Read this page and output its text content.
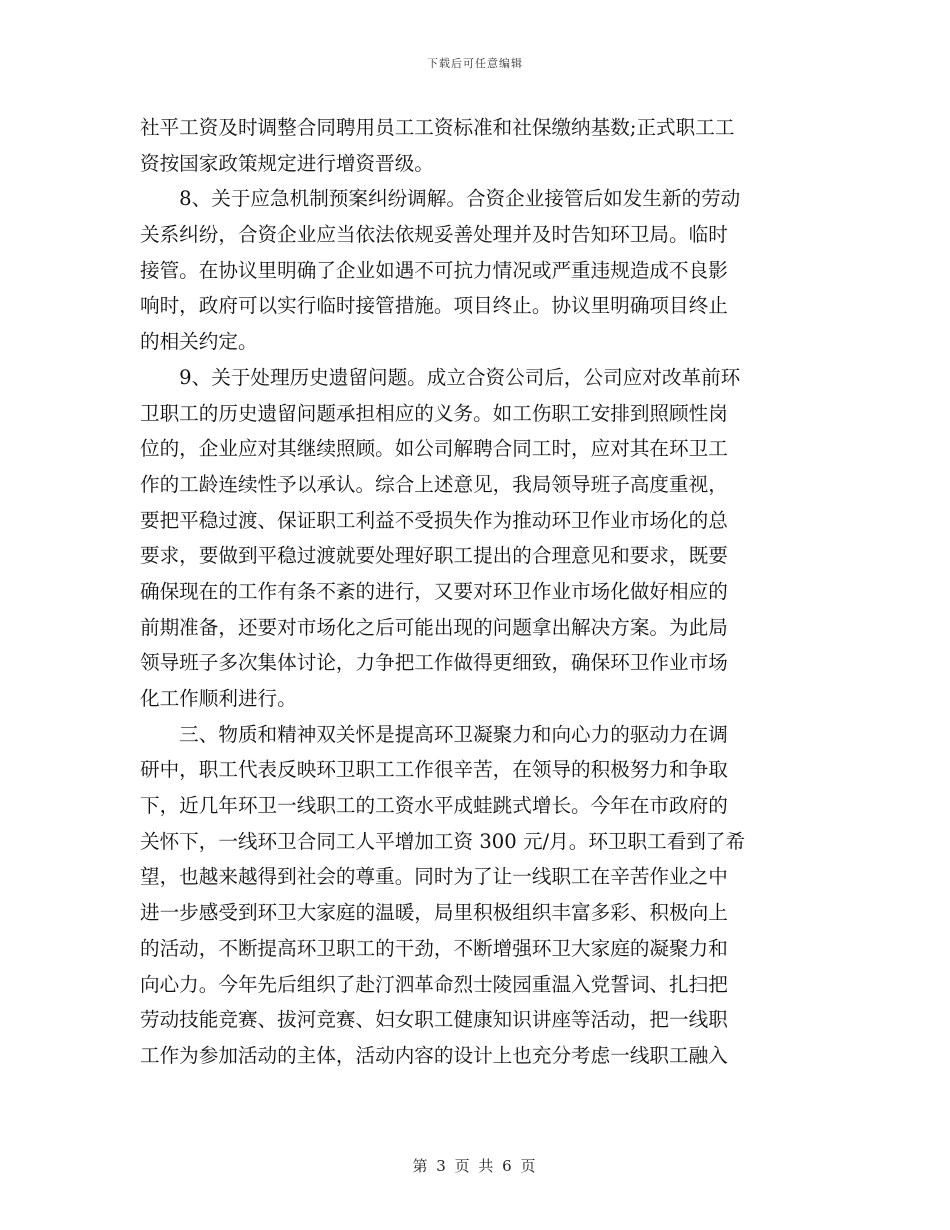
下载后可任意编辑
社平工资及时调整合同聘用员工工资标准和社保缴纳基数;正式职工工
资按国家政策规定进行增资晋级。
　　8、关于应急机制预案纠纷调解。合资企业接管后如发生新的劳动
关系纠纷，合资企业应当依法依规妥善处理并及时告知环卫局。临时
接管。在协议里明确了企业如遇不可抗力情况或严重违规造成不良影
响时，政府可以实行临时接管措施。项目终止。协议里明确项目终止
的相关约定。
　　9、关于处理历史遗留问题。成立合资公司后，公司应对改革前环
卫职工的历史遗留问题承担相应的义务。如工伤职工安排到照顾性岗
位的，企业应对其继续照顾。如公司解聘合同工时，应对其在环卫工
作的工龄连续性予以承认。综合上述意见，我局领导班子高度重视，
要把平稳过渡、保证职工利益不受损失作为推动环卫作业市场化的总
要求，要做到平稳过渡就要处理好职工提出的合理意见和要求，既要
确保现在的工作有条不紊的进行，又要对环卫作业市场化做好相应的
前期准备，还要对市场化之后可能出现的问题拿出解决方案。为此局
领导班子多次集体讨论，力争把工作做得更细致，确保环卫作业市场
化工作顺利进行。
　　三、物质和精神双关怀是提高环卫凝聚力和向心力的驱动力在调
研中，职工代表反映环卫职工工作很辛苦，在领导的积极努力和争取
下，近几年环卫一线职工的工资水平成蛙跳式增长。今年在市政府的
关怀下，一线环卫合同工人平增加工资 300 元/月。环卫职工看到了希
望，也越来越得到社会的尊重。同时为了让一线职工在辛苦作业之中
进一步感受到环卫大家庭的温暖，局里积极组织丰富多彩、积极向上
的活动，不断提高环卫职工的干劲，不断增强环卫大家庭的凝聚力和
向心力。今年先后组织了赴汀泗革命烈士陵园重温入党誓词、扎扫把
劳动技能竞赛、拔河竞赛、妇女职工健康知识讲座等活动，把一线职
工作为参加活动的主体，活动内容的设计上也充分考虑一线职工融入
第 3 页 共 6 页
